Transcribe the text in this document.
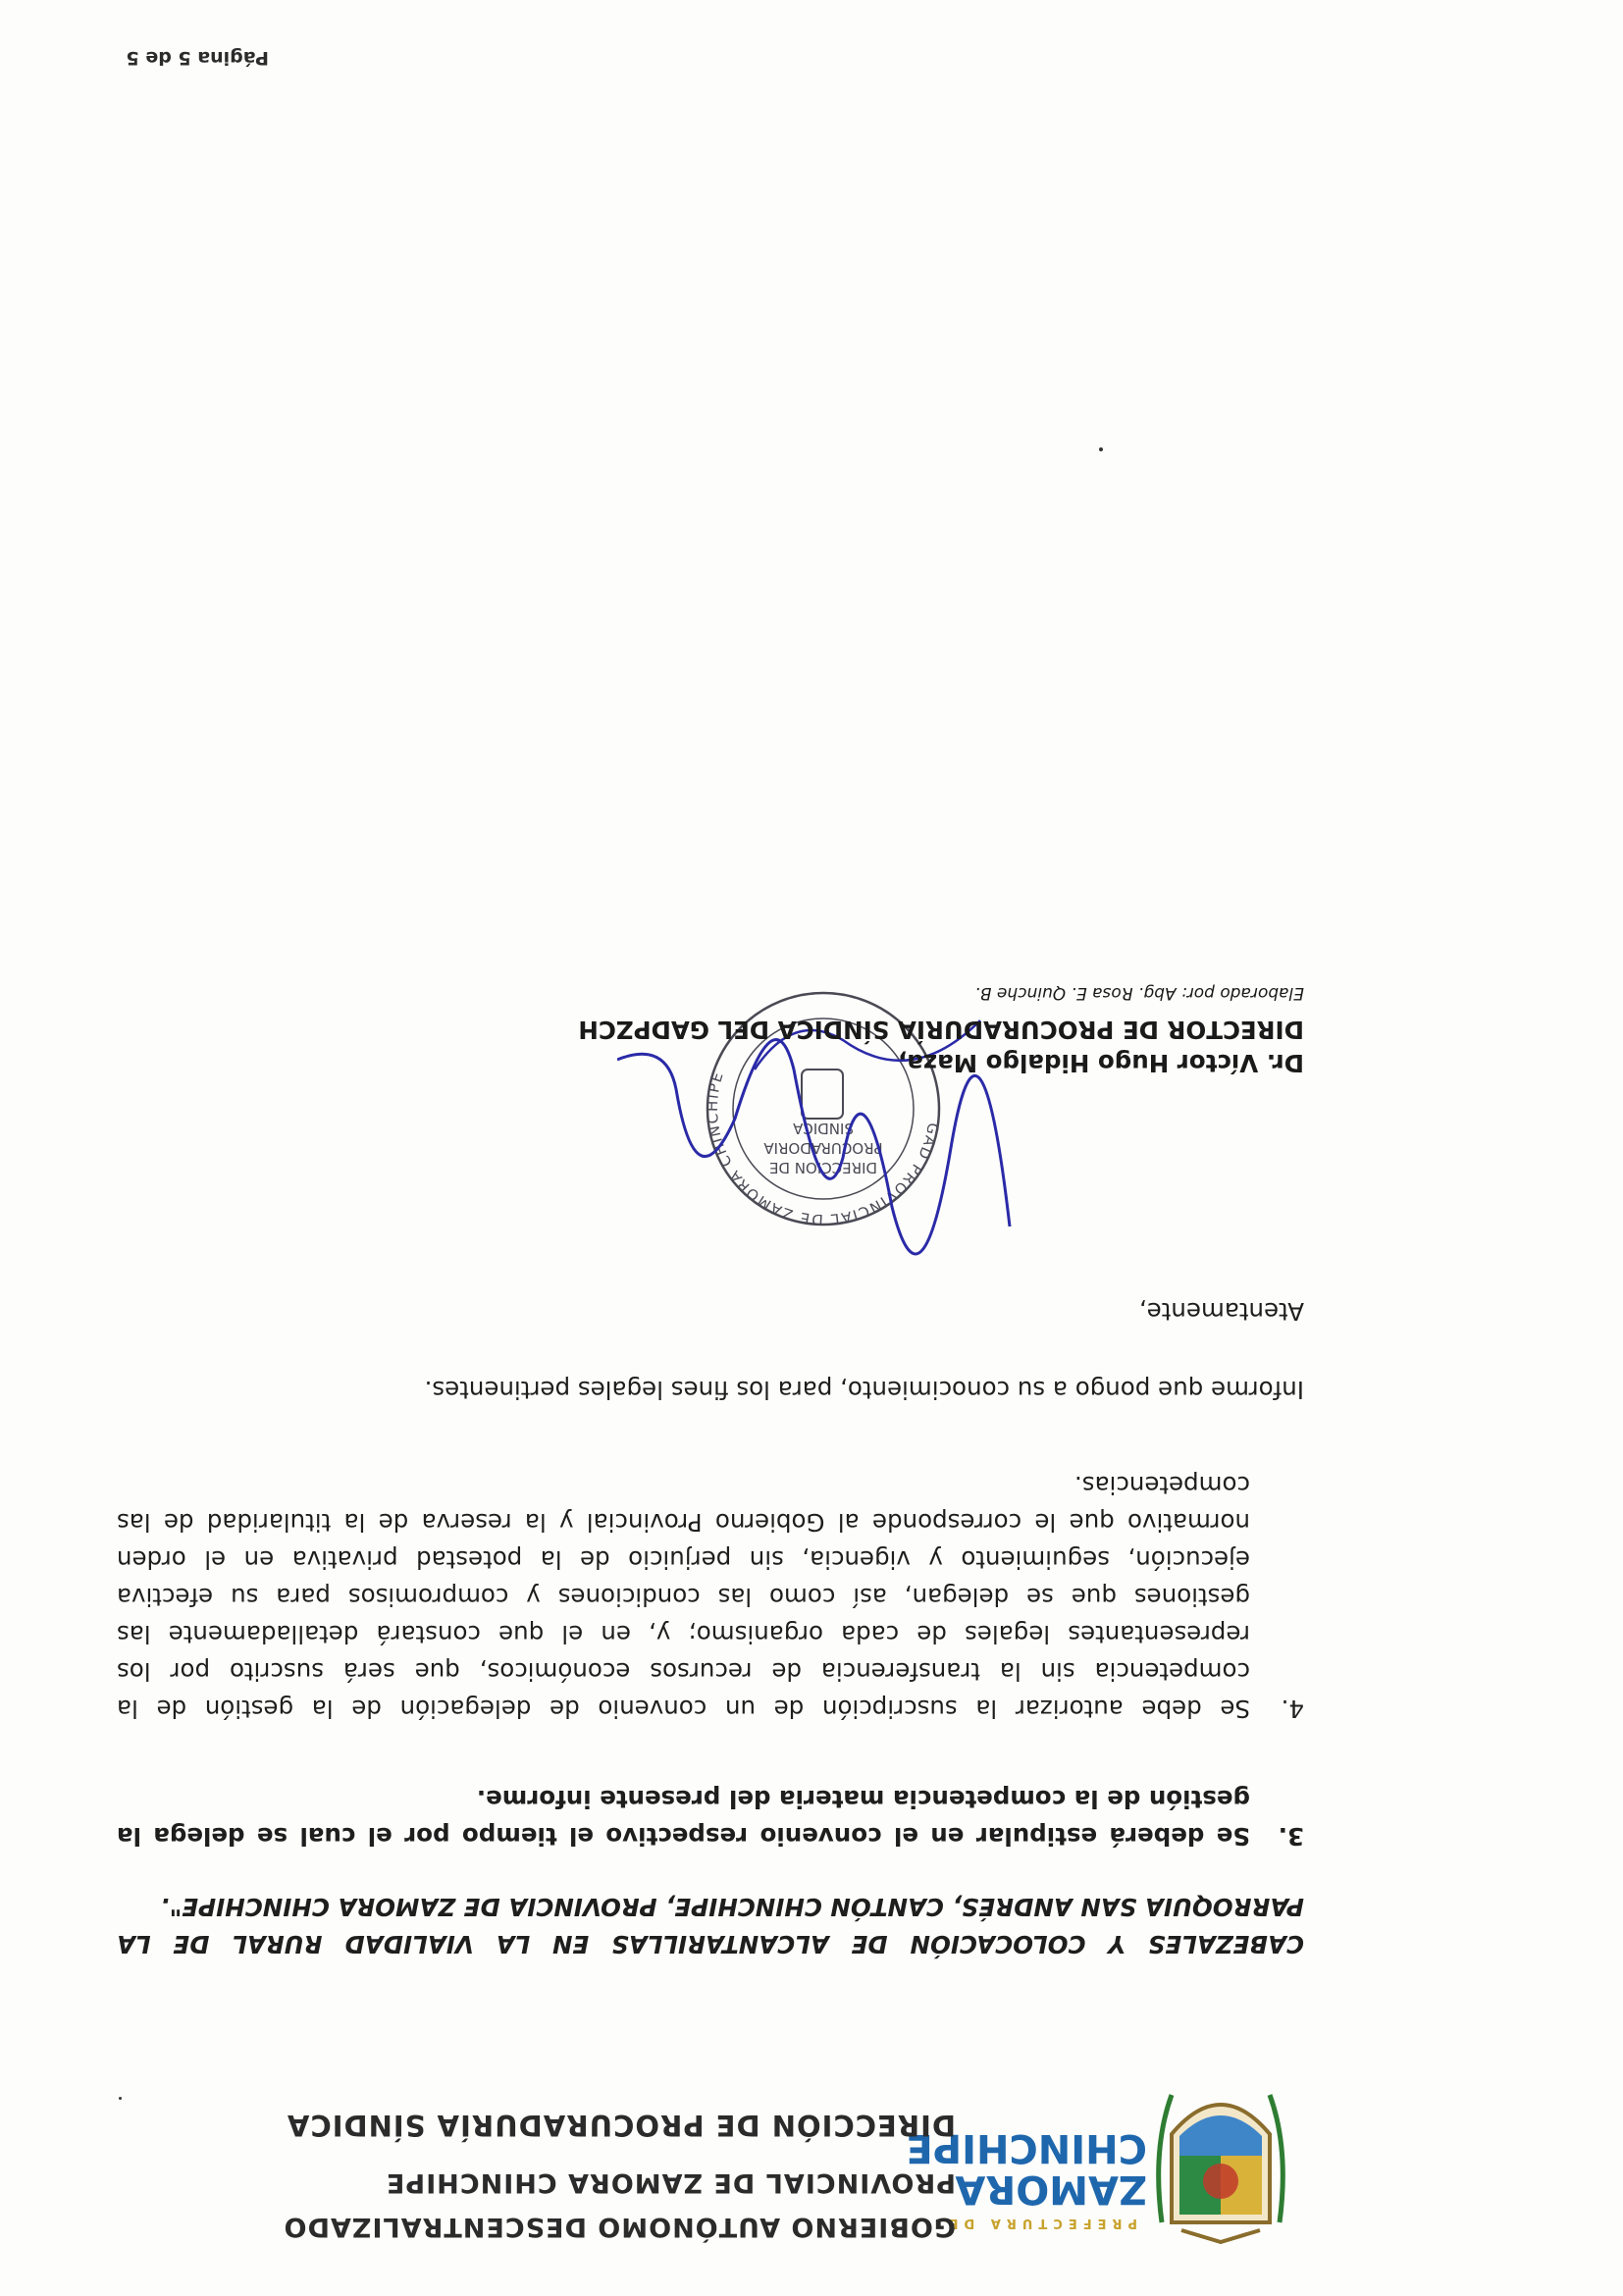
PREFECTURA DE
ZAMORA
CHINCHIPE
GOBIERNO AUTÓNOMO DESCENTRALIZADO
PROVINCIAL DE ZAMORA CHINCHIPE
DIRECCIÓN DE PROCURADURÍA SÍNDICA
CABEZALES Y COLOCACIÓN DE ALCANTARILLAS EN LA VIALIDAD RURAL DE LA PARROQUIA SAN ANDRÉS, CANTÓN CHINCHIPE, PROVINCIA DE ZAMORA CHINCHIPE".
3.
Se deberá estipular en el convenio respectivo el tiempo por el cual se delega la gestión de la competencia materia del presente informe.
4.
Se debe autorizar la suscripción de un convenio de delegación de la gestión de la competencia sin la transferencia de recursos económicos, que será suscrito por los representantes legales de cada organismo; y, en el que constará detalladamente las gestiones que se delegan, así como las condiciones y compromisos para su efectiva ejecución, seguimiento y vigencia, sin perjuicio de la potestad privativa en el orden normativo que le corresponde al Gobierno Provincial y la reserva de la titularidad de las competencias.
Informe que pongo a su conocimiento, para los fines legales pertinentes.
Atentamente,
GAD PROVINCIAL DE ZAMORA CHINCHIPE
DIRECCION DE
PROCURADORIA
SINDICA
Dr. Víctor Hugo Hidalgo Maza,
DIRECTOR DE PROCURADURÍA SÍNDICA DEL GADPZCH
Elaborado por: Abg. Rosa E. Quinche B.
Página 5 de 5
